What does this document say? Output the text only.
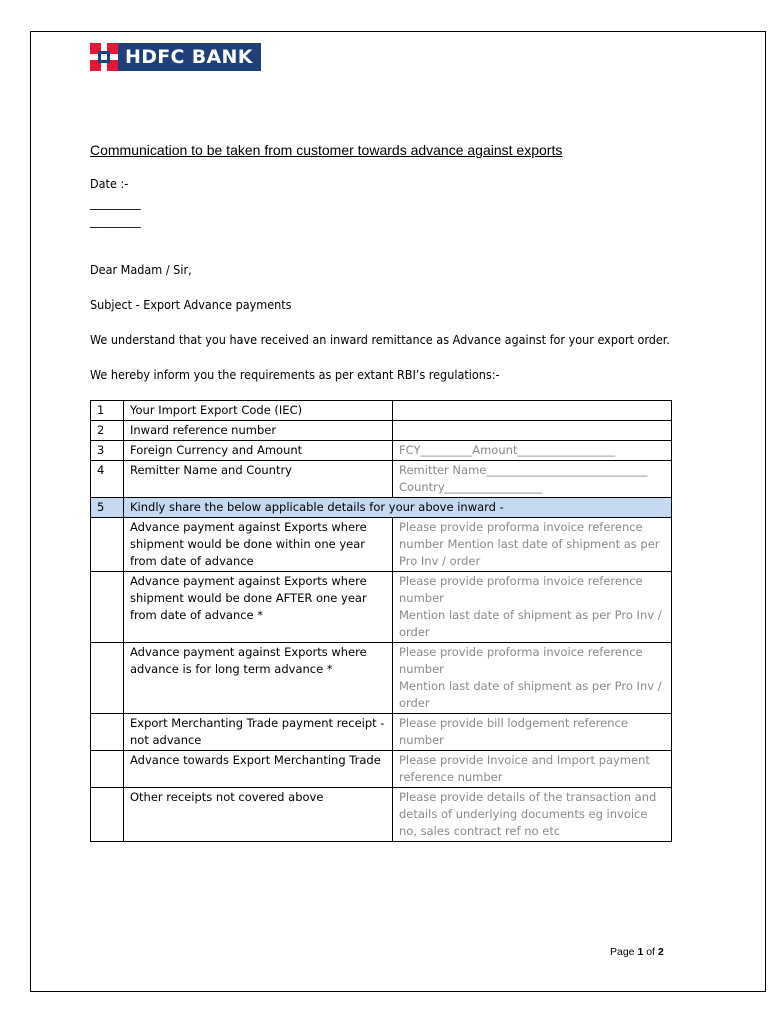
HDFC BANK
Communication to be taken from customer towards advance against exports
Date :-
_________
_________
Dear Madam / Sir,
Subject - Export Advance payments
We understand that you have received an inward remittance as Advance against for your export order.
We hereby inform you the requirements as per extant RBI’s regulations:-
1	Your Import Export Code (IEC)	
2	Inward reference number	
3	Foreign Currency and Amount	FCY_________Amount_________________
4	Remitter Name and Country	Remitter Name____________________________
Country_________________

5	Kindly share the below applicable details for your above inward -	
	Advance payment against Exports where shipment would be done within one year from date of advance	Please provide proforma invoice reference number Mention last date of shipment as per Pro Inv / order
	Advance payment against Exports where shipment would be done AFTER one year from date of advance *	Please provide proforma invoice reference number
Mention last date of shipment as per Pro Inv / order

	Advance payment against Exports where advance is for long term advance *	Please provide proforma invoice reference number
Mention last date of shipment as per Pro Inv / order

	Export Merchanting Trade payment receipt - not advance	Please provide bill lodgement reference number
	Advance towards Export Merchanting Trade	Please provide Invoice and Import payment reference number
	Other receipts not covered above	Please provide details of the transaction and details of underlying documents eg invoice no, sales contract ref no etc
Page 1 of 2
